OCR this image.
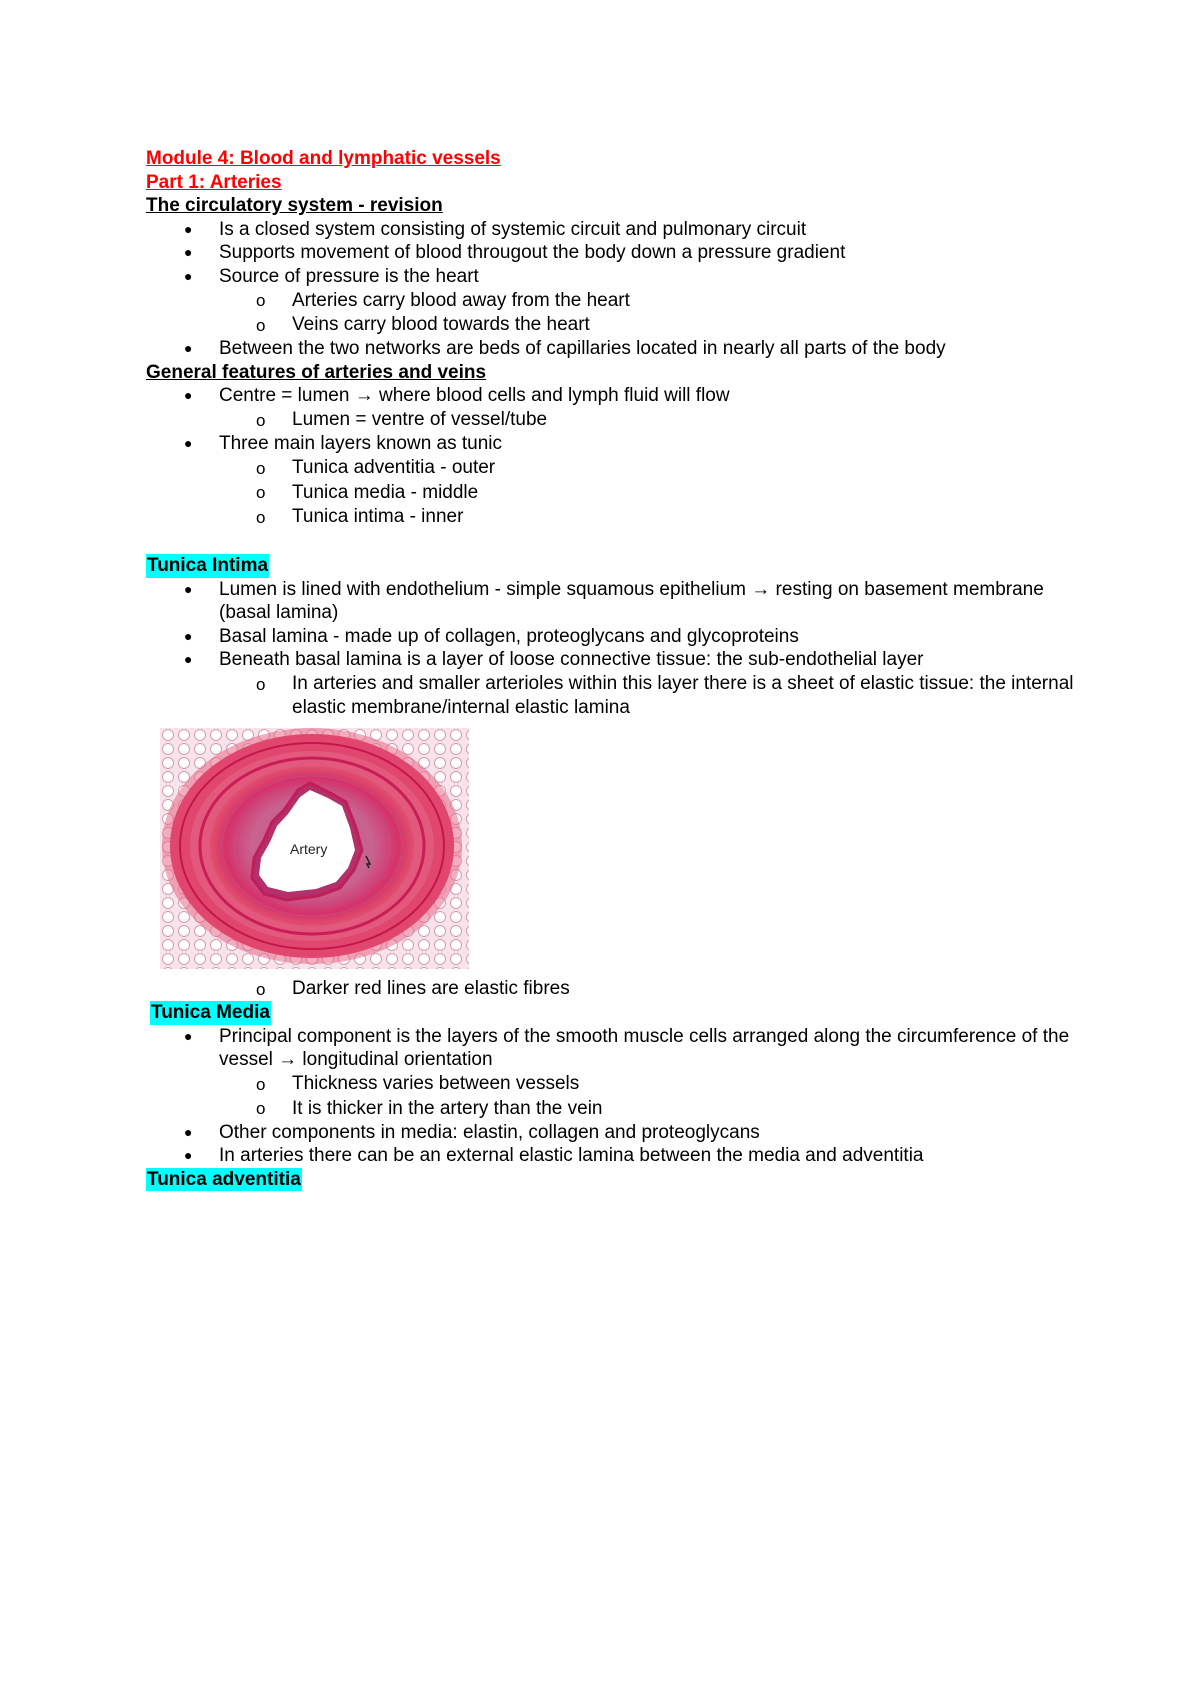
Module 4: Blood and lymphatic vessels
Part 1: Arteries
The circulatory system - revision
● Is a closed system consisting of systemic circuit and pulmonary circuit
● Supports movement of blood througout the body down a pressure gradient
● Source of pressure is the heart
o Arteries carry blood away from the heart
o Veins carry blood towards the heart
● Between the two networks are beds of capillaries located in nearly all parts of the body
General features of arteries and veins
● Centre = lumen → where blood cells and lymph fluid will flow
o Lumen = ventre of vessel/tube
● Three main layers known as tunic
o Tunica adventitia - outer
o Tunica media - middle
o Tunica intima - inner
Tunica Intima
● Lumen is lined with endothelium - simple squamous epithelium → resting on basement membrane (basal lamina)
● Basal lamina - made up of collagen, proteoglycans and glycoproteins
● Beneath basal lamina is a layer of loose connective tissue: the sub-endothelial layer
o In arteries and smaller arterioles within this layer there is a sheet of elastic tissue: the internal elastic membrane/internal elastic lamina
Artery
o Darker red lines are elastic fibres
Tunica Media
● Principal component is the layers of the smooth muscle cells arranged along the circumference of the vessel → longitudinal orientation
o Thickness varies between vessels
o It is thicker in the artery than the vein
● Other components in media: elastin, collagen and proteoglycans
● In arteries there can be an external elastic lamina between the media and adventitia
Tunica adventitia
